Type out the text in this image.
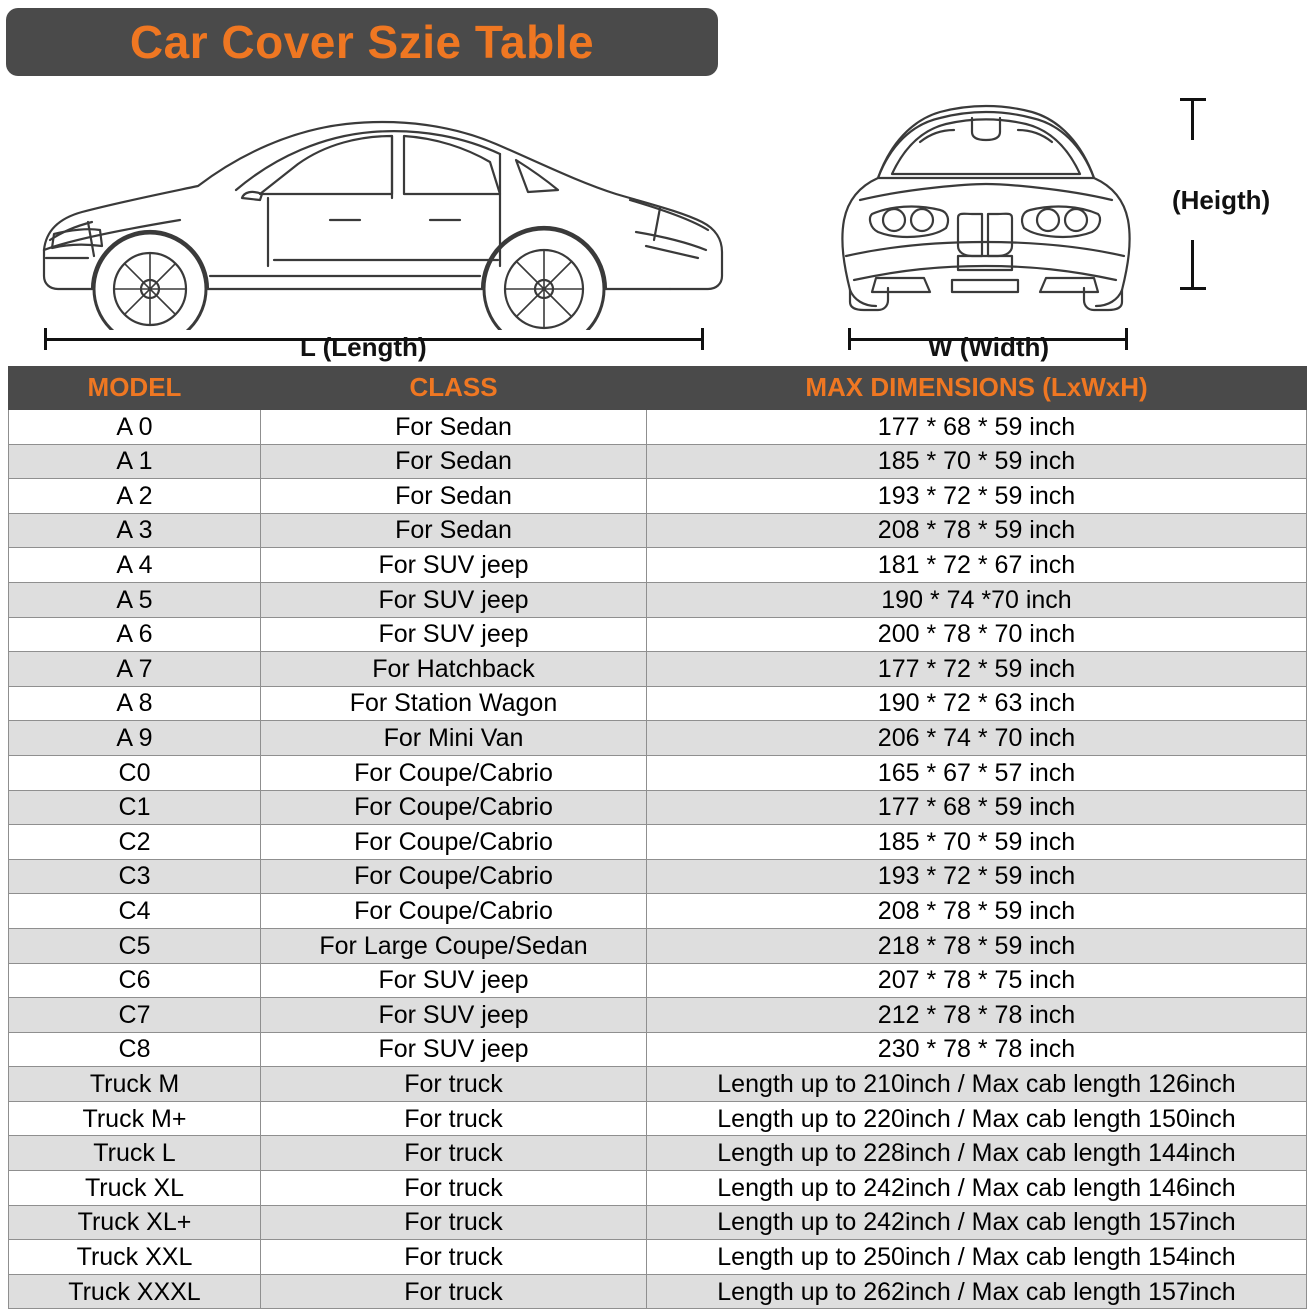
Car Cover Szie Table
L (Length)	W (Width)
(Heigth)
MODEL	CLASS	MAX DIMENSIONS (LxWxH)
A 0	For Sedan	177 * 68 * 59 inch
A 1	For Sedan	185 * 70 * 59 inch
A 2	For Sedan	193 * 72 * 59 inch
A 3	For Sedan	208 * 78 * 59 inch
A 4	For SUV jeep	181 * 72 * 67 inch
A 5	For SUV jeep	190 * 74 *70 inch
A 6	For SUV jeep	200 * 78 * 70 inch
A 7	For Hatchback	177 * 72 * 59 inch
A 8	For Station Wagon	190 * 72 * 63 inch
A 9	For Mini Van	206 * 74 * 70 inch
C0	For Coupe/Cabrio	165 * 67 * 57 inch
C1	For Coupe/Cabrio	177 * 68 * 59 inch
C2	For Coupe/Cabrio	185 * 70 * 59 inch
C3	For Coupe/Cabrio	193 * 72 * 59 inch
C4	For Coupe/Cabrio	208 * 78 * 59 inch
C5	For Large Coupe/Sedan	218 * 78 * 59 inch
C6	For SUV jeep	207 * 78 * 75 inch
C7	For SUV jeep	212 * 78 * 78 inch
C8	For SUV jeep	230 * 78 * 78 inch
Truck M	For truck	Length up to 210inch / Max cab length 126inch
Truck M+	For truck	Length up to 220inch / Max cab length 150inch
Truck L	For truck	Length up to 228inch / Max cab length 144inch
Truck XL	For truck	Length up to 242inch / Max cab length 146inch
Truck XL+	For truck	Length up to 242inch / Max cab length 157inch
Truck XXL	For truck	Length up to 250inch / Max cab length 154inch
Truck XXXL	For truck	Length up to 262inch / Max cab length 157inch
